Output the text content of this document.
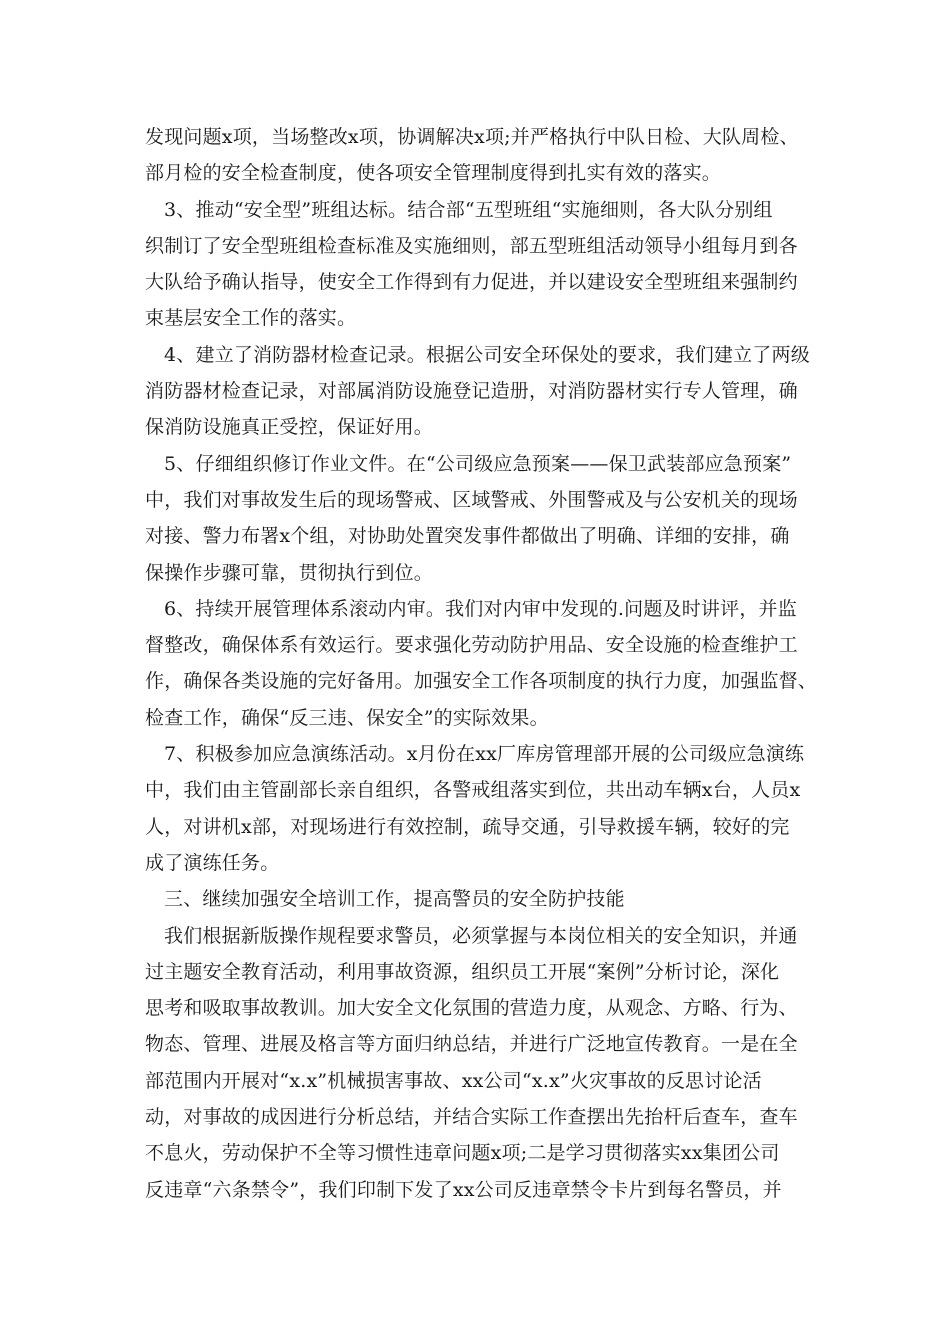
发现问题x项，当场整改x项，协调解决x项;并严格执行中队日检、大队周检、
部月检的安全检查制度，使各项安全管理制度得到扎实有效的落实。
3、推动“安全型”班组达标。结合部“五型班组“实施细则，各大队分别组
织制订了安全型班组检查标准及实施细则，部五型班组活动领导小组每月到各
大队给予确认指导，使安全工作得到有力促进，并以建设安全型班组来强制约
束基层安全工作的落实。
4、建立了消防器材检查记录。根据公司安全环保处的要求，我们建立了两级
消防器材检查记录，对部属消防设施登记造册，对消防器材实行专人管理，确
保消防设施真正受控，保证好用。
5、仔细组织修订作业文件。在“公司级应急预案——保卫武装部应急预案”
中，我们对事故发生后的现场警戒、区域警戒、外围警戒及与公安机关的现场
对接、警力布署x个组，对协助处置突发事件都做出了明确、详细的安排，确
保操作步骤可靠，贯彻执行到位。
6、持续开展管理体系滚动内审。我们对内审中发现的.问题及时讲评，并监
督整改，确保体系有效运行。要求强化劳动防护用品、安全设施的检查维护工
作，确保各类设施的完好备用。加强安全工作各项制度的执行力度，加强监督、
检查工作，确保“反三违、保安全”的实际效果。
7、积极参加应急演练活动。x月份在xx厂库房管理部开展的公司级应急演练
中，我们由主管副部长亲自组织，各警戒组落实到位，共出动车辆x台，人员x
人，对讲机x部，对现场进行有效控制，疏导交通，引导救援车辆，较好的完
成了演练任务。
三、继续加强安全培训工作，提高警员的安全防护技能
我们根据新版操作规程要求警员，必须掌握与本岗位相关的安全知识，并通
过主题安全教育活动，利用事故资源，组织员工开展“案例”分析讨论，深化
思考和吸取事故教训。加大安全文化氛围的营造力度，从观念、方略、行为、
物态、管理、进展及格言等方面归纳总结，并进行广泛地宣传教育。一是在全
部范围内开展对“x.x”机械损害事故、xx公司“x.x”火灾事故的反思讨论活
动，对事故的成因进行分析总结，并结合实际工作查摆出先抬杆后查车，查车
不息火，劳动保护不全等习惯性违章问题x项;二是学习贯彻落实xx集团公司
反违章“六条禁令”，我们印制下发了xx公司反违章禁令卡片到每名警员，并
